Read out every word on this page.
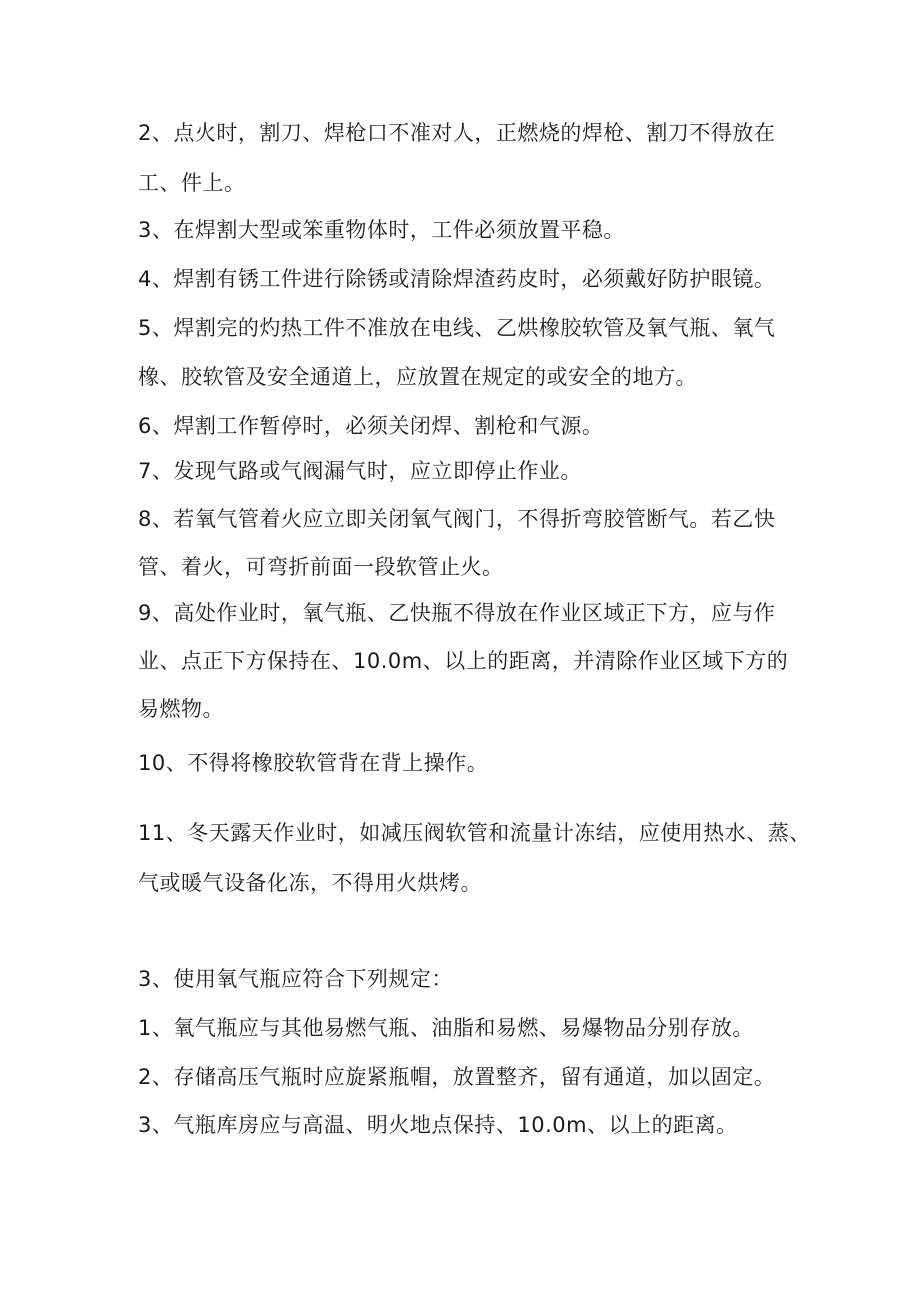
2、点火时，割刀、焊枪口不准对人，正燃烧的焊枪、割刀不得放在
工、件上。
3、在焊割大型或笨重物体时，工件必须放置平稳。
4、焊割有锈工件进行除锈或清除焊渣药皮时，必须戴好防护眼镜。
5、焊割完的灼热工件不准放在电线、乙烘橡胶软管及氧气瓶、氧气
橡、胶软管及安全通道上，应放置在规定的或安全的地方。
6、焊割工作暂停时，必须关闭焊、割枪和气源。
7、发现气路或气阀漏气时，应立即停止作业。
8、若氧气管着火应立即关闭氧气阀门，不得折弯胶管断气。若乙快
管、着火，可弯折前面一段软管止火。
9、高处作业时，氧气瓶、乙快瓶不得放在作业区域正下方，应与作
业、点正下方保持在、10.0m、以上的距离，并清除作业区域下方的
易燃物。
10、不得将橡胶软管背在背上操作。
11、冬天露天作业时，如减压阀软管和流量计冻结，应使用热水、蒸、
气或暖气设备化冻，不得用火烘烤。
3、使用氧气瓶应符合下列规定：
1、氧气瓶应与其他易燃气瓶、油脂和易燃、易爆物品分别存放。
2、存储高压气瓶时应旋紧瓶帽，放置整齐，留有通道，加以固定。
3、气瓶库房应与高温、明火地点保持、10.0m、以上的距离。
